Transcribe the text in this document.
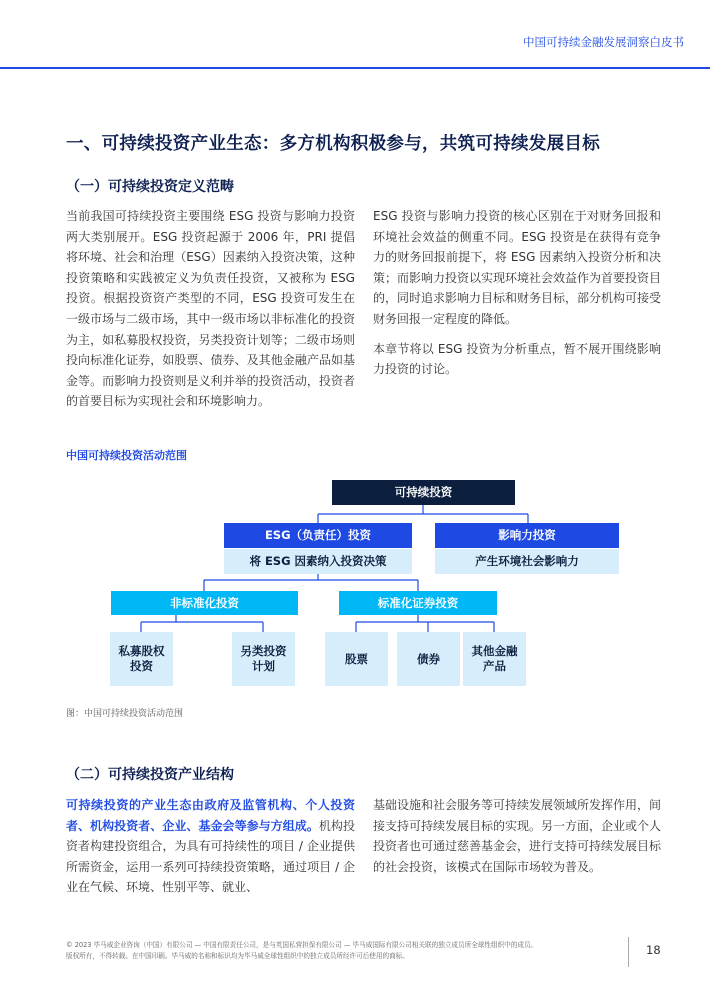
中国可持续金融发展洞察白皮书
一、可持续投资产业生态：多方机构积极参与，共筑可持续发展目标
（一）可持续投资定义范畴

当前我国可持续投资主要围绕 ESG 投资与影响力投资两大类别展开。ESG 投资起源于 2006 年，PRI 提倡将环境、社会和治理（ESG）因素纳入投资决策，这种投资策略和实践被定义为负责任投资，又被称为 ESG 投资。根据投资资产类型的不同，ESG 投资可发生在一级市场与二级市场，其中一级市场以非标准化的投资为主，如私募股权投资，另类投资计划等；二级市场则投向标准化证券，如股票、债券、及其他金融产品如基金等。而影响力投资则是义利并举的投资活动，投资者的首要目标为实现社会和环境影响力。

ESG 投资与影响力投资的核心区别在于对财务回报和环境社会效益的侧重不同。ESG 投资是在获得有竞争力的财务回报前提下，将 ESG 因素纳入投资分析和决策；而影响力投资以实现环境社会效益作为首要投资目的，同时追求影响力目标和财务目标，部分机构可接受财务回报一定程度的降低。

本章节将以 ESG 投资为分析重点，暂不展开围绕影响力投资的讨论。

中国可持续投资活动范围
可持续投资
ESG（负责任）投资
将 ESG 因素纳入投资决策
影响力投资
产生环境社会影响力
非标准化投资	标准化证券投资
私募股权
投资
另类投资
计划
股票	债券
其他金融
产品
图：中国可持续投资活动范围
（二）可持续投资产业结构

可持续投资的产业生态由政府及监管机构、个人投资者、机构投资者、企业、基金会等参与方组成。机构投资者构建投资组合，为具有可持续性的项目 / 企业提供所需资金，运用一系列可持续投资策略，通过项目 / 企业在气候、环境、性别平等、就业、

基础设施和社会服务等可持续发展领域所发挥作用，间接支持可持续发展目标的实现。另一方面，企业或个人投资者也可通过慈善基金会，进行支持可持续发展目标的社会投资，该模式在国际市场较为普及。

© 2023 毕马威企业咨询（中国）有限公司 — 中国有限责任公司，是与英国私营担保有限公司 — 毕马威国际有限公司相关联的独立成员所全球性组织中的成员。
版权所有，不得转载。在中国印刷。毕马威的名称和标识均为毕马威全球性组织中的独立成员所经许可后使用的商标。	18
